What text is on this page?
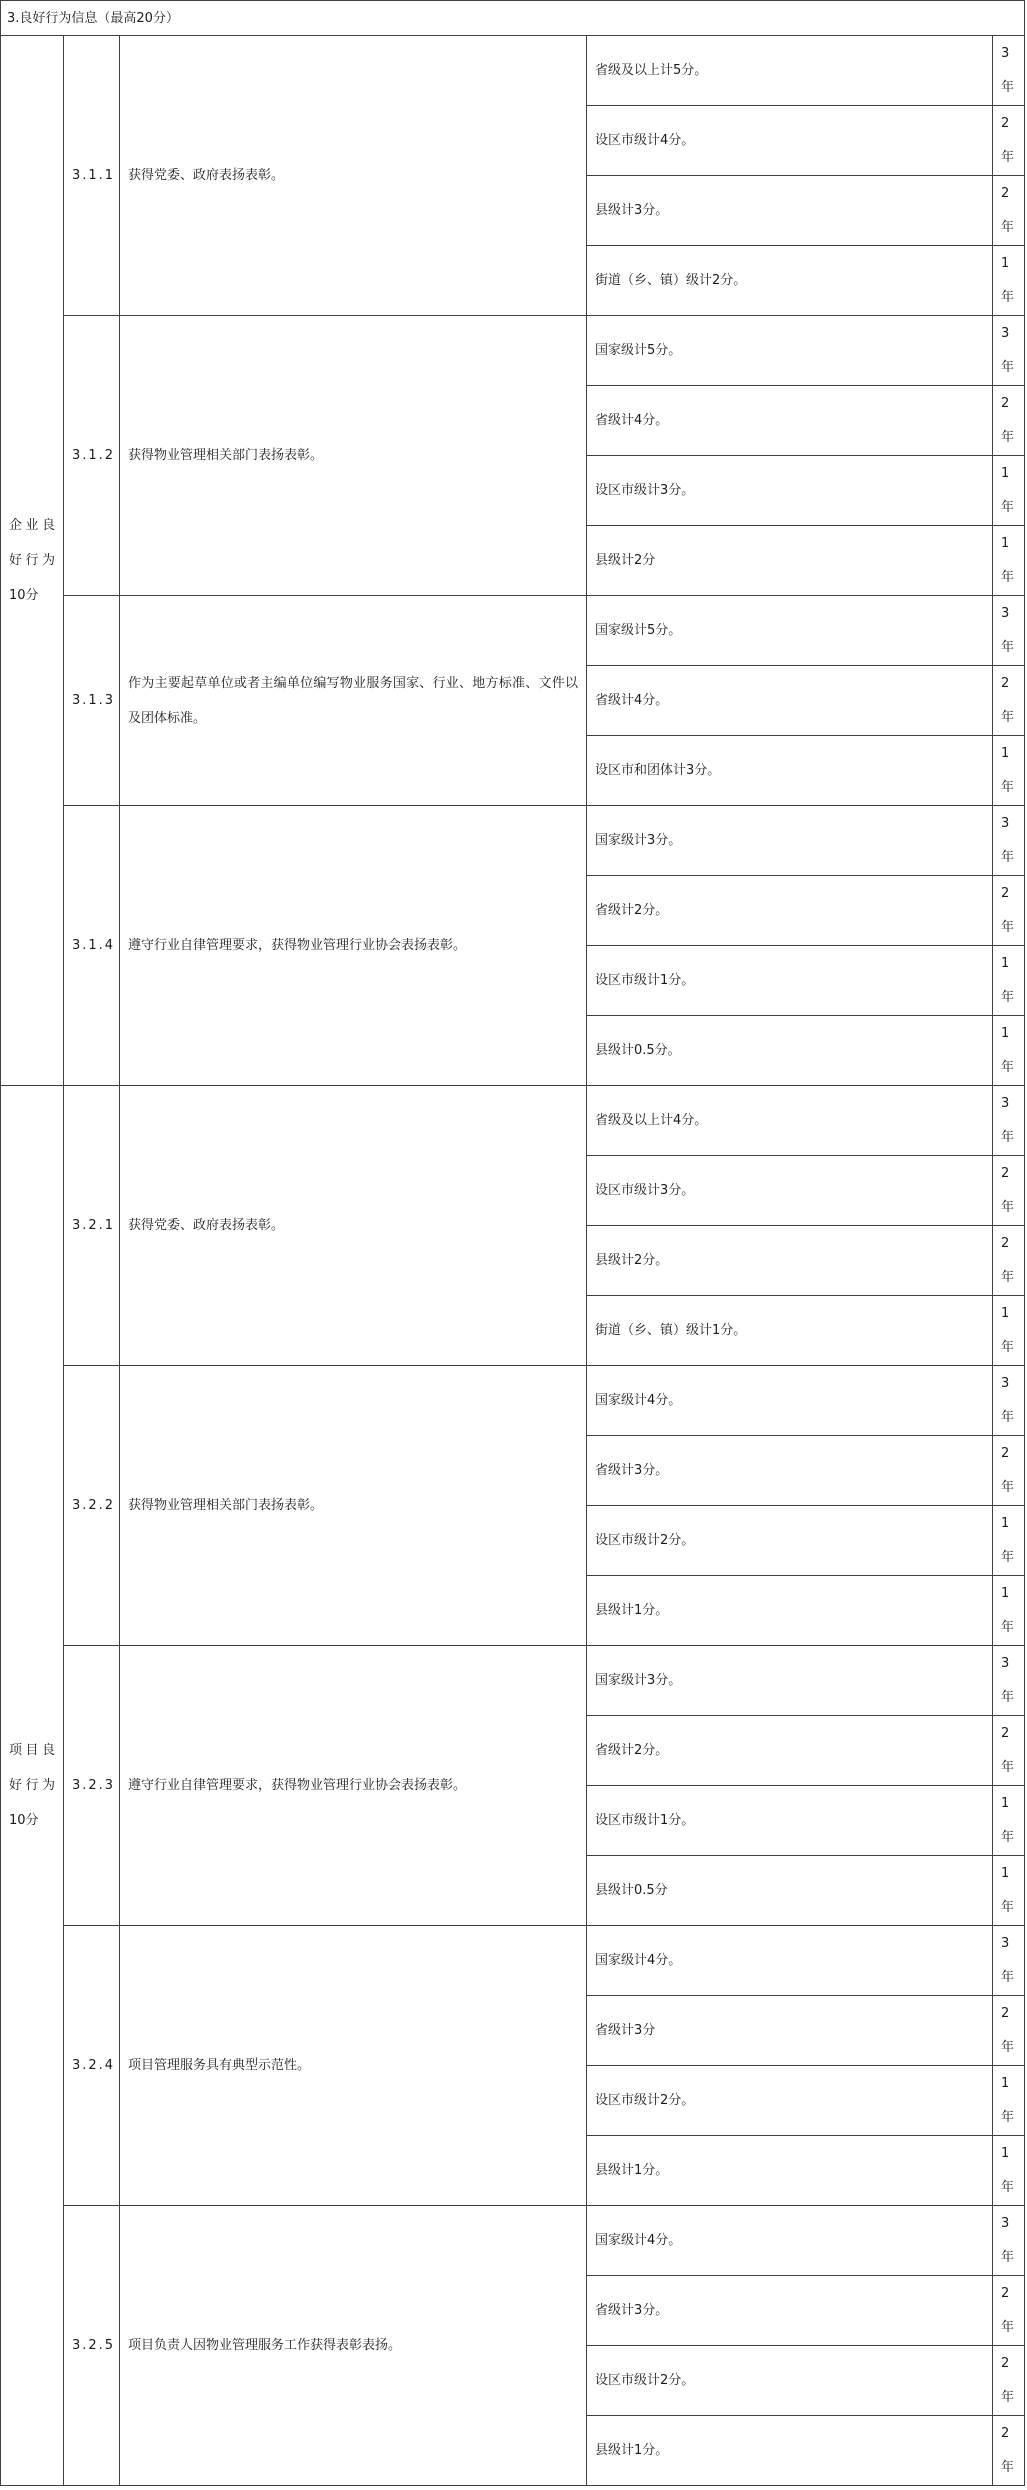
3.良好行为信息（最高20分）				
企业良好行为10分	3.1.1	获得党委、政府表扬表彰。	省级及以上计5分。	3年
			设区市级计4分。	2年
			县级计3分。	2年
			街道（乡、镇）级计2分。	1年
	3.1.2	获得物业管理相关部门表扬表彰。	国家级计5分。	3年
			省级计4分。	2年
			设区市级计3分。	1年
			县级计2分	1年
	3.1.3	作为主要起草单位或者主编单位编写物业服务国家、行业、地方标准、文件以及团体标准。	国家级计5分。	3年
			省级计4分。	2年
			设区市和团体计3分。	1年
	3.1.4	遵守行业自律管理要求，获得物业管理行业协会表扬表彰。	国家级计3分。	3年
			省级计2分。	2年
			设区市级计1分。	1年
			县级计0.5分。	1年
项目良好行为10分	3.2.1	获得党委、政府表扬表彰。	省级及以上计4分。	3年
			设区市级计3分。	2年
			县级计2分。	2年
			街道（乡、镇）级计1分。	1年
	3.2.2	获得物业管理相关部门表扬表彰。	国家级计4分。	3年
			省级计3分。	2年
			设区市级计2分。	1年
			县级计1分。	1年
	3.2.3	遵守行业自律管理要求，获得物业管理行业协会表扬表彰。	国家级计3分。	3年
			省级计2分。	2年
			设区市级计1分。	1年
			县级计0.5分	1年
	3.2.4	项目管理服务具有典型示范性。	国家级计4分。	3年
			省级计3分	2年
			设区市级计2分。	1年
			县级计1分。	1年
	3.2.5	项目负责人因物业管理服务工作获得表彰表扬。	国家级计4分。	3年
			省级计3分。	2年
			设区市级计2分。	2年
			县级计1分。	2年
